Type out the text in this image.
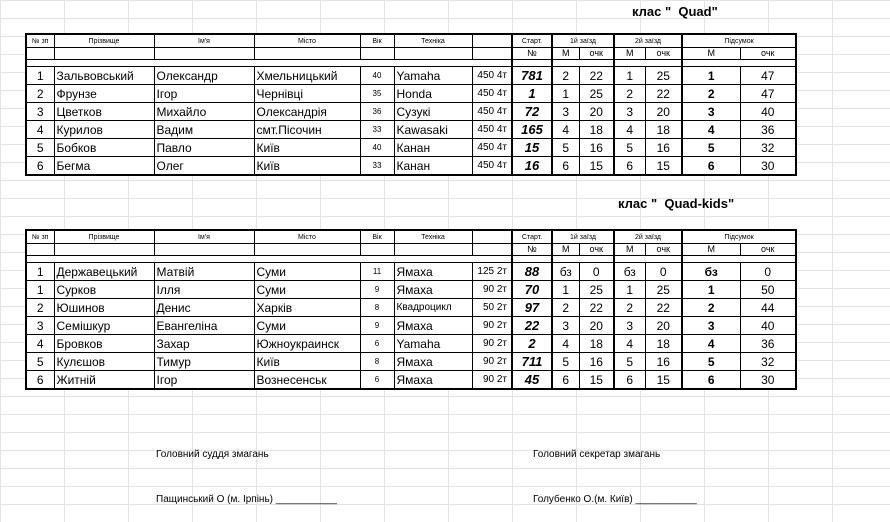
клас "  Quad"
№ зп	Прізвище	Ім'я	Місто	Вік	Техніка		Старт.	1й заїзд		2й заїзд		Підсумок	
							№	М	очк	М	очк	М	очк

1	Зальвовський	Олександр	Хмельницький	40	Yamaha	450 4т	781	2	22	1	25	1	47
2	Фрунзе	Ігор	Чернівці	35	Honda	450 4т	1	1	25	2	22	2	47
3	Цветков	Михайло	Олександрія	36	Сузукі	450 4т	72	3	20	3	20	3	40
4	Курилов	Вадим	смт.Пісочин	33	Kawasaki	450 4т	165	4	18	4	18	4	36
5	Бобков	Павло	Київ	40	Канан	450 4т	15	5	16	5	16	5	32
6	Бегма	Олег	Київ	33	Канан	450 4т	16	6	15	6	15	6	30
клас "  Quad-kids"
№ зп	Прізвище	Ім'я	Місто	Вік	Техніка		Старт.	1й заїзд		2й заїзд		Підсумок	
							№	М	очк	М	очк	М	очк

1	Державецький	Матвій	Суми	11	Ямаха	125 2т	88	бз	0	бз	0	бз	0
1	Сурков	Ілля	Суми	9	Ямаха	90 2т	70	1	25	1	25	1	50
2	Юшинов	Денис	Харків	8	Квадроцикл	50 2т	97	2	22	2	22	2	44
3	Семішкур	Евангеліна	Суми	9	Ямаха	90 2т	22	3	20	3	20	3	40
4	Бровков	Захар	Южноукраинск	6	Yamaha	90 2т	2	4	18	4	18	4	36
5	Кулєшов	Тимур	Київ	8	Ямаха	90 2т	711	5	16	5	16	5	32
6	Житній	Ігор	Вознесенськ	6	Ямаха	90 2т	45	6	15	6	15	6	30

Головний суддя змагань

Пащинський О (м. Ірпінь) ___________

Головний секретар змагань

Голубенко О.(м. Київ) ___________
